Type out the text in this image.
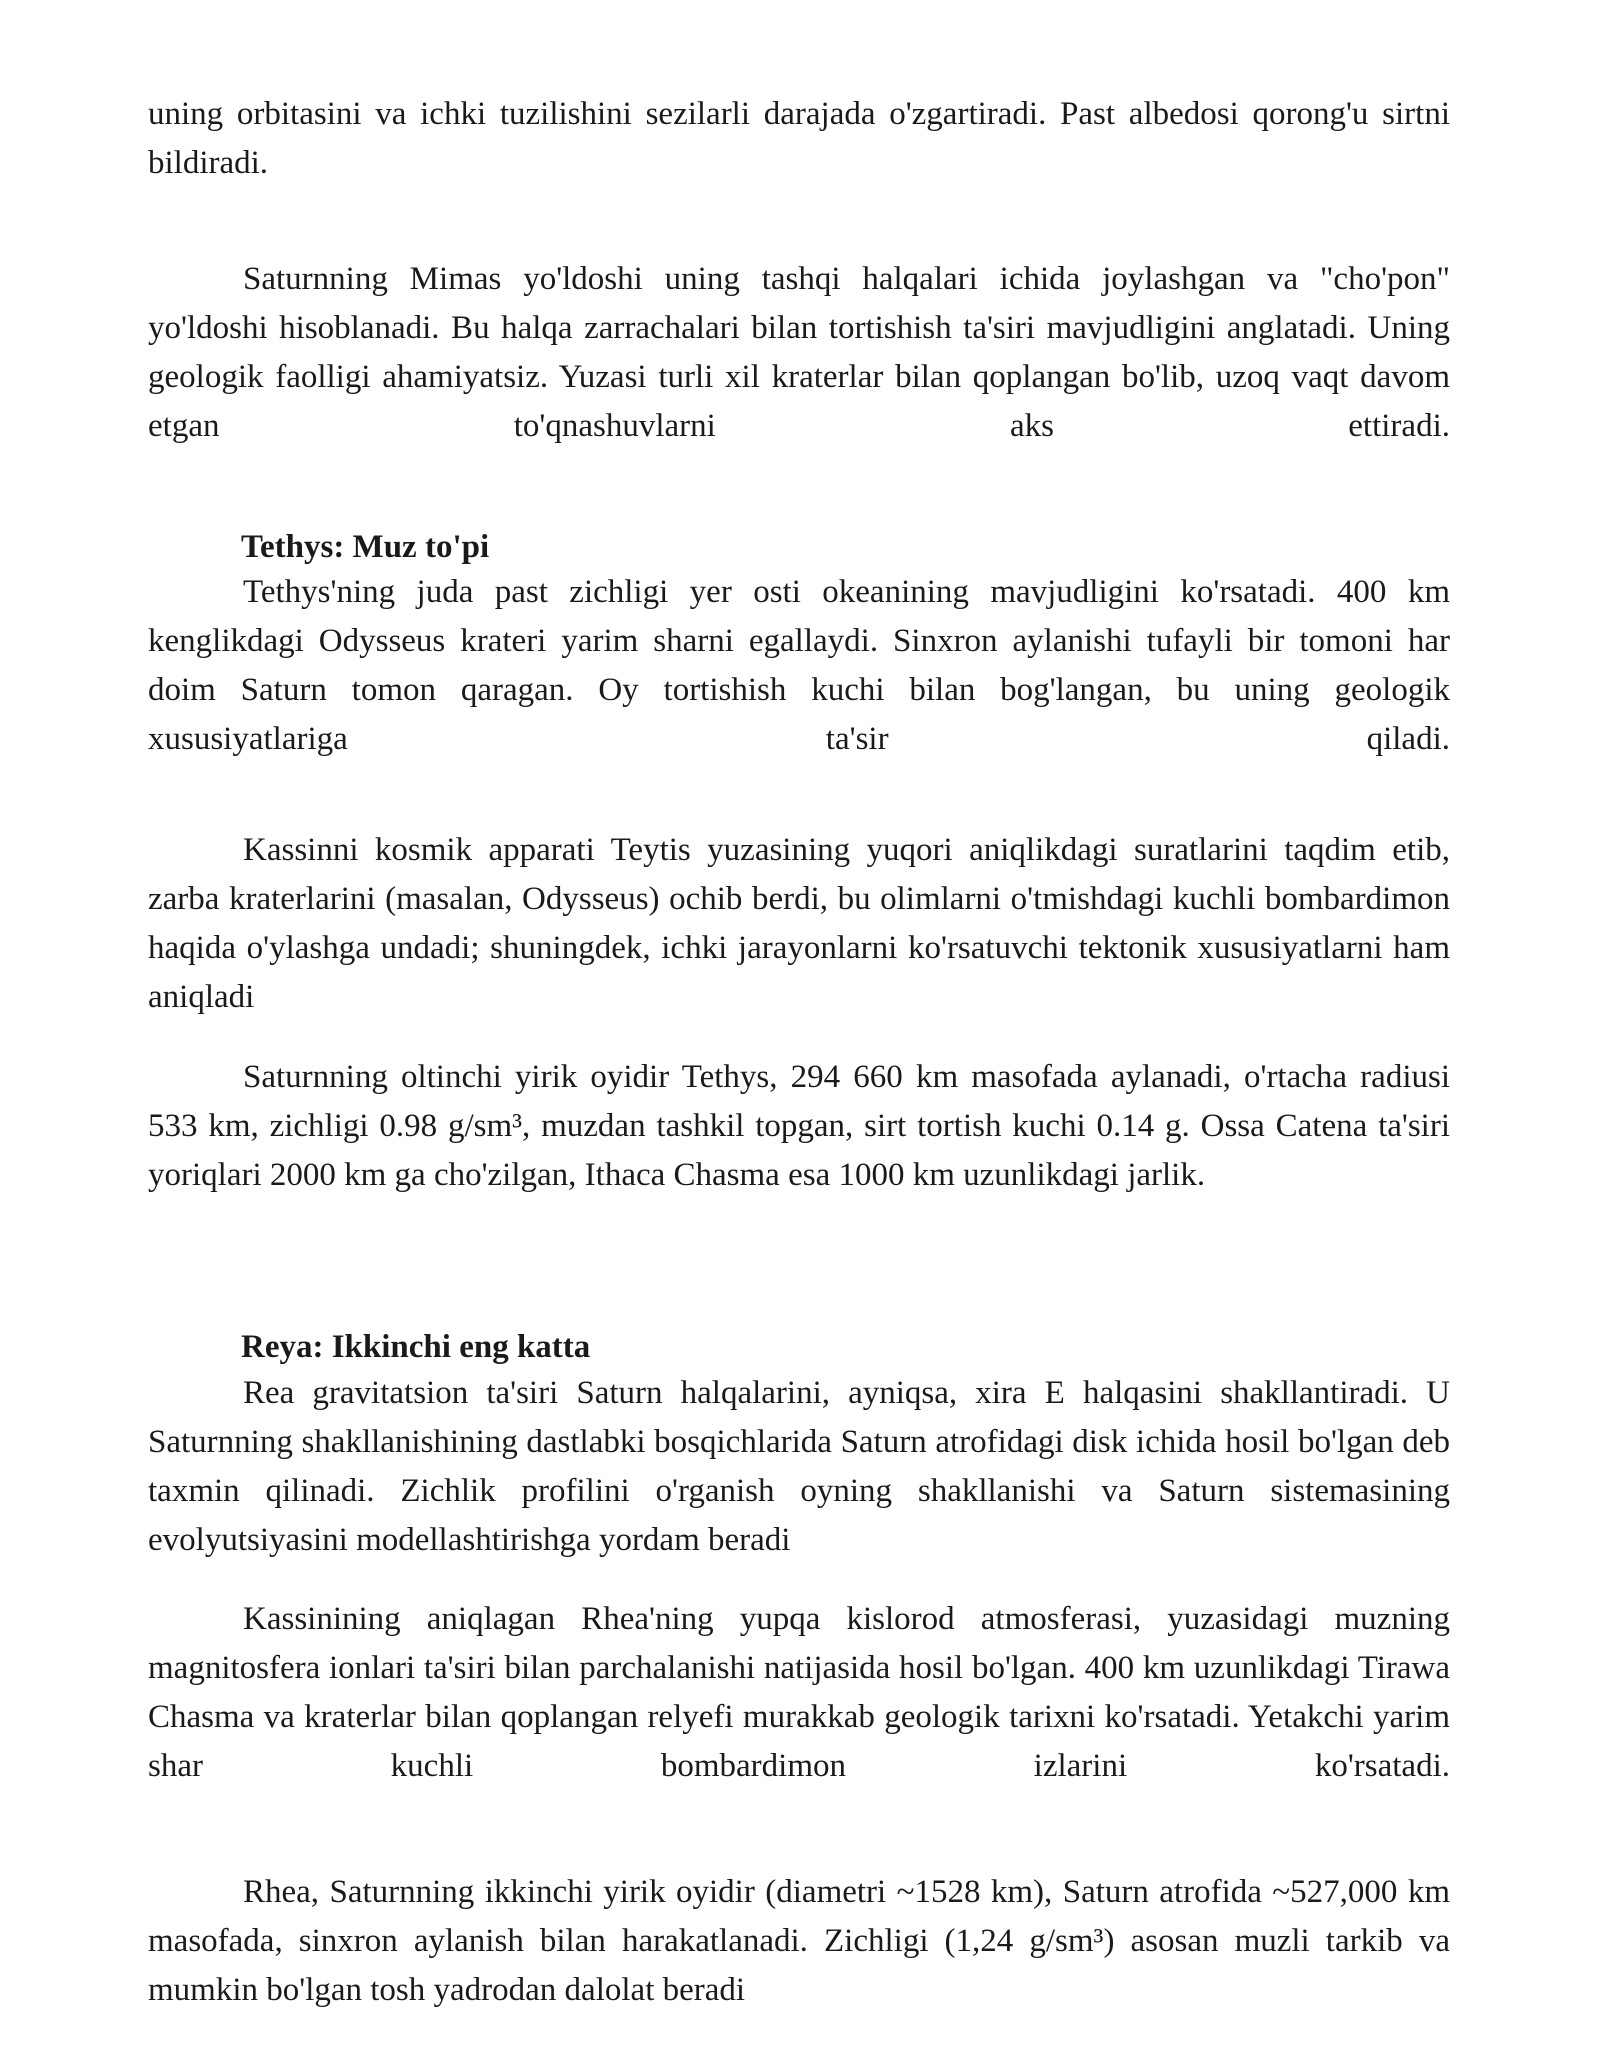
uning orbitasini va ichki tuzilishini sezilarli darajada o'zgartiradi. Past albedosi qorong'u sirtni bildiradi.

Saturnning Mimas yo'ldoshi uning tashqi halqalari ichida joylashgan va "cho'pon" yo'ldoshi hisoblanadi. Bu halqa zarrachalari bilan tortishish ta'siri mavjudligini anglatadi. Uning geologik faolligi ahamiyatsiz. Yuzasi turli xil kraterlar bilan qoplangan bo'lib, uzoq vaqt davom etgan to'qnashuvlarni aks ettiradi.

Tethys: Muz to'pi

Tethys'ning juda past zichligi yer osti okeanining mavjudligini ko'rsatadi. 400 km kenglikdagi Odysseus krateri yarim sharni egallaydi. Sinxron aylanishi tufayli bir tomoni har doim Saturn tomon qaragan. Oy tortishish kuchi bilan bog'langan, bu uning geologik xususiyatlariga ta'sir qiladi.

Kassinni kosmik apparati Teytis yuzasining yuqori aniqlikdagi suratlarini taqdim etib, zarba kraterlarini (masalan, Odysseus) ochib berdi, bu olimlarni o'tmishdagi kuchli bombardimon haqida o'ylashga undadi; shuningdek, ichki jarayonlarni ko'rsatuvchi tektonik xususiyatlarni ham aniqladi

Saturnning oltinchi yirik oyidir Tethys, 294 660 km masofada aylanadi, o'rtacha radiusi 533 km, zichligi 0.98 g/sm³, muzdan tashkil topgan, sirt tortish kuchi 0.14 g. Ossa Catena ta'siri yoriqlari 2000 km ga cho'zilgan, Ithaca Chasma esa 1000 km uzunlikdagi jarlik.

Reya: Ikkinchi eng katta

Rea gravitatsion ta'siri Saturn halqalarini, ayniqsa, xira E halqasini shakllantiradi. U Saturnning shakllanishining dastlabki bosqichlarida Saturn atrofidagi disk ichida hosil bo'lgan deb taxmin qilinadi. Zichlik profilini o'rganish oyning shakllanishi va Saturn sistemasining evolyutsiyasini modellashtirishga yordam beradi

Kassinining aniqlagan Rhea'ning yupqa kislorod atmosferasi, yuzasidagi muzning magnitosfera ionlari ta'siri bilan parchalanishi natijasida hosil bo'lgan. 400 km uzunlikdagi Tirawa Chasma va kraterlar bilan qoplangan relyefi murakkab geologik tarixni ko'rsatadi. Yetakchi yarim shar kuchli bombardimon izlarini ko'rsatadi.

Rhea, Saturnning ikkinchi yirik oyidir (diametri ~1528 km), Saturn atrofida ~527,000 km masofada, sinxron aylanish bilan harakatlanadi. Zichligi (1,24 g/sm³) asosan muzli tarkib va mumkin bo'lgan tosh yadrodan dalolat beradi
